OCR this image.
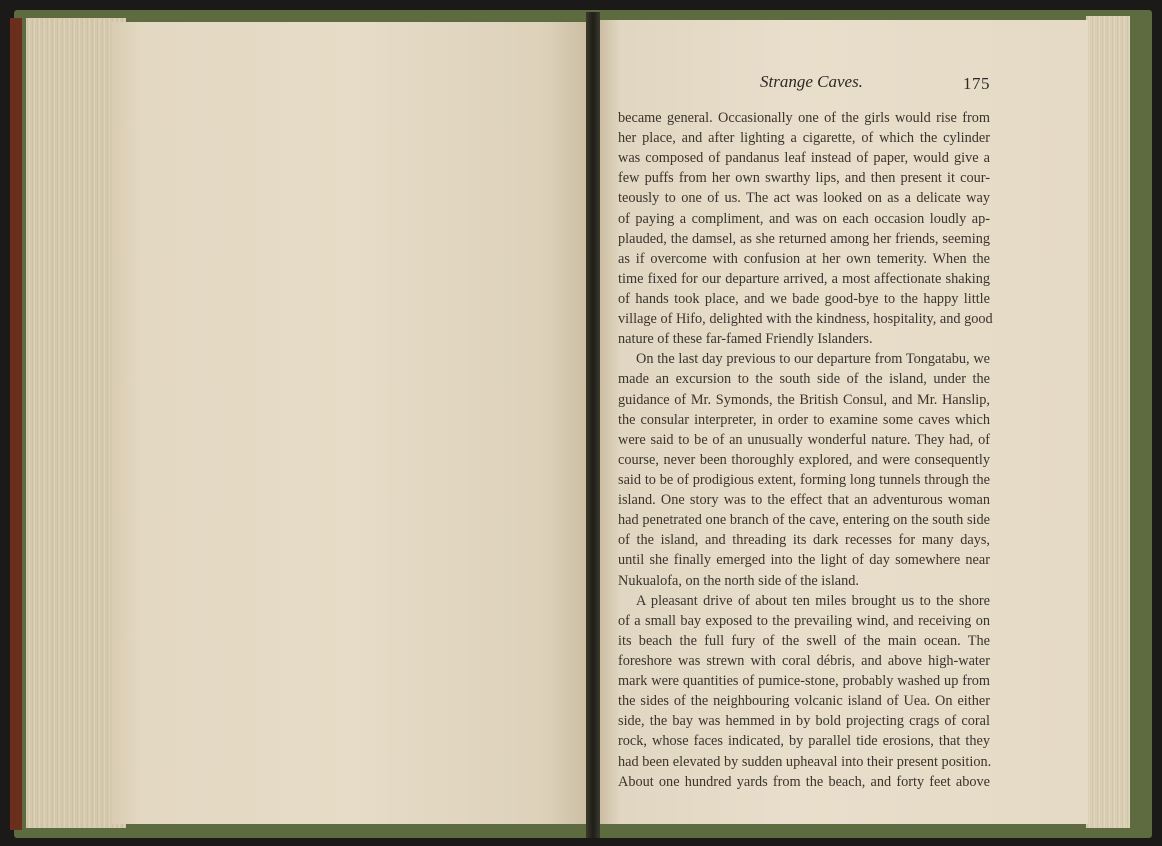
Strange Caves.	175
became general. Occasionally one of the girls would rise from
her place, and after lighting a cigarette, of which the cylinder
was composed of pandanus leaf instead of paper, would give a
few puffs from her own swarthy lips, and then present it cour-
teously to one of us. The act was looked on as a delicate way
of paying a compliment, and was on each occasion loudly ap-
plauded, the damsel, as she returned among her friends, seeming
as if overcome with confusion at her own temerity. When the
time fixed for our departure arrived, a most affectionate shaking
of hands took place, and we bade good-bye to the happy little
village of Hifo, delighted with the kindness, hospitality, and good
nature of these far-famed Friendly Islanders.
On the last day previous to our departure from Tongatabu, we
made an excursion to the south side of the island, under the
guidance of Mr. Symonds, the British Consul, and Mr. Hanslip,
the consular interpreter, in order to examine some caves which
were said to be of an unusually wonderful nature. They had, of
course, never been thoroughly explored, and were consequently
said to be of prodigious extent, forming long tunnels through the
island. One story was to the effect that an adventurous woman
had penetrated one branch of the cave, entering on the south side
of the island, and threading its dark recesses for many days,
until she finally emerged into the light of day somewhere near
Nukualofa, on the north side of the island.
A pleasant drive of about ten miles brought us to the shore
of a small bay exposed to the prevailing wind, and receiving on
its beach the full fury of the swell of the main ocean. The
foreshore was strewn with coral débris, and above high-water
mark were quantities of pumice-stone, probably washed up from
the sides of the neighbouring volcanic island of Uea. On either
side, the bay was hemmed in by bold projecting crags of coral
rock, whose faces indicated, by parallel tide erosions, that they
had been elevated by sudden upheaval into their present position.
About one hundred yards from the beach, and forty feet above
